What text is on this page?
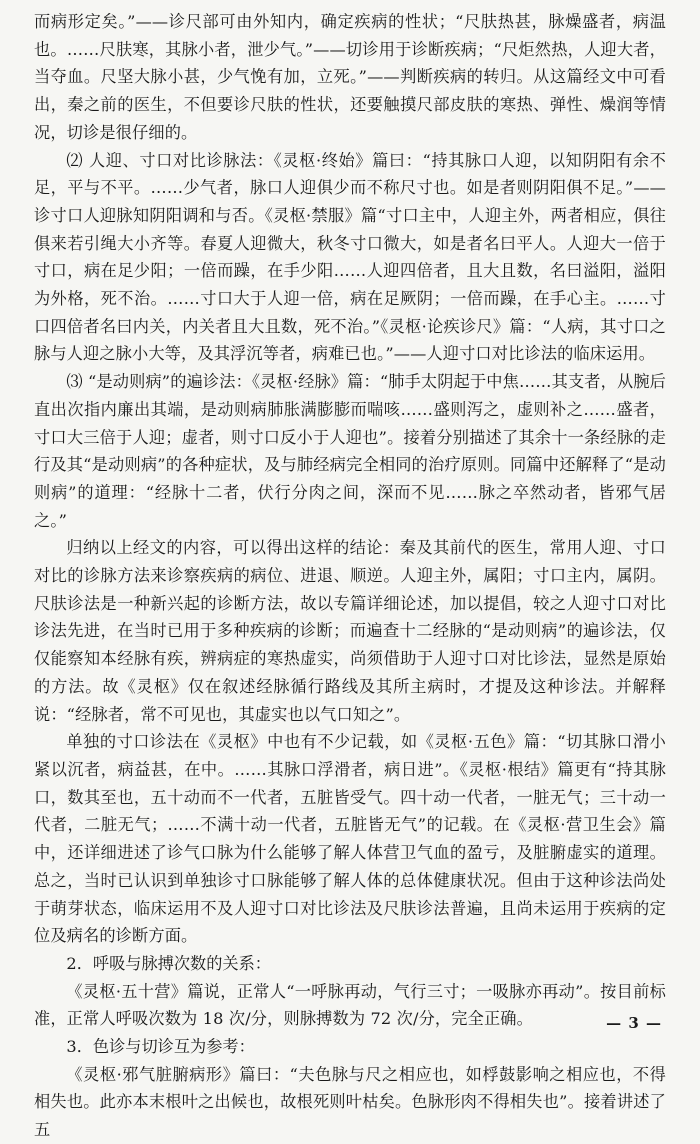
而病形定矣。”——诊尺部可由外知内，确定疾病的性状；“尺肤热甚，脉燥盛者，病温也。……尺肤寒，其脉小者，泄少气。”——切诊用于诊断疾病；“尺炬然热，人迎大者，当夺血。尺坚大脉小甚，少气悗有加，立死。”——判断疾病的转归。从这篇经文中可看出，秦之前的医生，不但要诊尺肤的性状，还要触摸尺部皮肤的寒热、弹性、燥润等情况，切诊是很仔细的。

⑵ 人迎、寸口对比诊脉法：《灵枢·终始》篇曰：“持其脉口人迎，以知阴阳有余不足，平与不平。……少气者，脉口人迎俱少而不称尺寸也。如是者则阴阳俱不足。”——诊寸口人迎脉知阴阳调和与否。《灵枢·禁服》篇“寸口主中，人迎主外，两者相应，俱往俱来若引绳大小齐等。春夏人迎微大，秋冬寸口微大，如是者名曰平人。人迎大一倍于寸口，病在足少阳；一倍而躁，在手少阳……人迎四倍者，且大且数，名曰溢阳，溢阳为外格，死不治。……寸口大于人迎一倍，病在足厥阴；一倍而躁，在手心主。……寸口四倍者名曰内关，内关者且大且数，死不治。”《灵枢·论疾诊尺》篇：“人病，其寸口之脉与人迎之脉小大等，及其浮沉等者，病难已也。”——人迎寸口对比诊法的临床运用。

⑶ “是动则病”的遍诊法：《灵枢·经脉》篇：“肺手太阴起于中焦……其支者，从腕后直出次指内廉出其端，是动则病肺胀满膨膨而喘咳……盛则泻之，虚则补之……盛者，寸口大三倍于人迎；虚者，则寸口反小于人迎也”。接着分别描述了其余十一条经脉的走行及其“是动则病”的各种症状，及与肺经病完全相同的治疗原则。同篇中还解释了“是动则病”的道理：“经脉十二者，伏行分肉之间，深而不见……脉之卒然动者，皆邪气居之。”

归纳以上经文的内容，可以得出这样的结论：秦及其前代的医生，常用人迎、寸口对比的诊脉方法来诊察疾病的病位、进退、顺逆。人迎主外，属阳；寸口主内，属阴。尺肤诊法是一种新兴起的诊断方法，故以专篇详细论述，加以提倡，较之人迎寸口对比诊法先进，在当时已用于多种疾病的诊断；而遍查十二经脉的“是动则病”的遍诊法，仅仅能察知本经脉有疾，辨病症的寒热虚实，尚须借助于人迎寸口对比诊法，显然是原始的方法。故《灵枢》仅在叙述经脉循行路线及其所主病时，才提及这种诊法。并解释说：“经脉者，常不可见也，其虚实也以气口知之”。

单独的寸口诊法在《灵枢》中也有不少记载，如《灵枢·五色》篇：“切其脉口滑小紧以沉者，病益甚，在中。……其脉口浮滑者，病日进”。《灵枢·根结》篇更有“持其脉口，数其至也，五十动而不一代者，五脏皆受气。四十动一代者，一脏无气；三十动一代者，二脏无气；……不满十动一代者，五脏皆无气”的记载。在《灵枢·营卫生会》篇中，还详细进述了诊气口脉为什么能够了解人体营卫气血的盈亏，及脏腑虚实的道理。总之，当时已认识到单独诊寸口脉能够了解人体的总体健康状况。但由于这种诊法尚处于萌芽状态，临床运用不及人迎寸口对比诊法及尺肤诊法普遍，且尚未运用于疾病的定位及病名的诊断方面。

2．呼吸与脉搏次数的关系：

《灵枢·五十营》篇说，正常人“一呼脉再动，气行三寸；一吸脉亦再动”。按目前标准，正常人呼吸次数为 18 次/分，则脉搏数为 72 次/分，完全正确。

3．色诊与切诊互为参考：

《灵枢·邪气脏腑病形》篇曰：“夫色脉与尺之相应也，如桴鼓影响之相应也，不得相失也。此亦本末根叶之出候也，故根死则叶枯矣。色脉形肉不得相失也”。接着讲述了五

— 3 —
